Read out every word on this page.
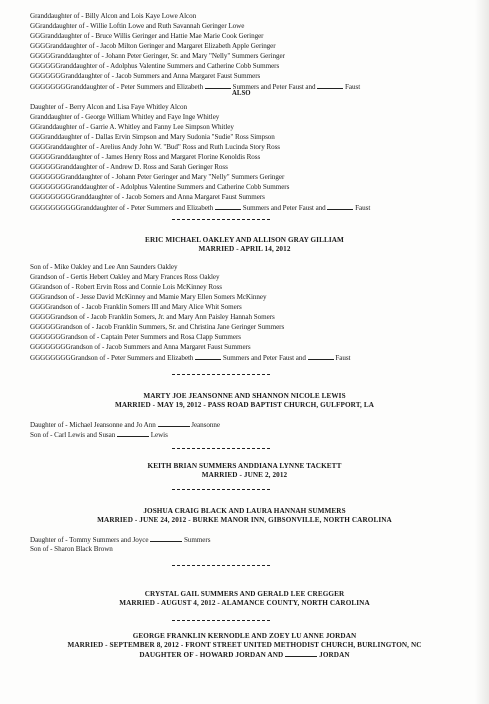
Granddaughter of - Billy Alcon and Lois Kaye Lowe Alcon
GGranddaughter of - Willie Loftin Lowe and Ruth Savannah Geringer Lowe
GGGranddaughter of - Bruce Willis Geringer and Hattie Mae Marie Cook Geringer
GGGGranddaughter of - Jacob Milton Geringer and Margaret Elizabeth Apple Geringer
GGGGGranddaughter of - Johann Peter Geringer, Sr. and Mary "Nelly" Summers Geringer
GGGGGGranddaughter of - Adolphus Valentine Summers and Catherine Cobb Summers
GGGGGGGranddaughter of - Jacob Summers and Anna Margaret Faust Summers
GGGGGGGGranddaughter of - Peter Summers and Elizabeth	Summers and Peter Faust and	Faust
ALSO
Daughter of - Berry Alcon and Lisa Faye Whitley Alcon
Granddaughter of - George William Whitley and Faye Inge Whitley
GGranddaughter of - Garrie A. Whitley and Fanny Lee Simpson Whitley
GGGranddaughter of - Dallas Ervin Simpson and Mary Sudonia "Sudie" Ross Simpson
GGGGranddaughter of - Arelius Andy John W. "Bud" Ross and Ruth Lucinda Story Ross
GGGGGranddaughter of - James Henry Ross and Margaret Florine Kenoldis Ross
GGGGGGranddaughter of - Andrew D. Ross and Sarah Geringer Ross
GGGGGGGranddaughter of - Johann Peter Geringer and Mary "Nelly" Summers Geringer
GGGGGGGGranddaughter of - Adolphus Valentine Summers and Catherine Cobb Summers
GGGGGGGGGranddaughter of - Jacob Somers and Anna Margaret Faust Summers
GGGGGGGGGGranddaughter of - Peter Summers and Elizabeth	Summers and Peter Faust and	Faust
ERIC MICHAEL OAKLEY AND ALLISON GRAY GILLIAM
MARRIED - APRIL 14, 2012
Son of - Mike Oakley and Lee Ann Saunders Oakley
Grandson of - Gertis Hebert Oakley and Mary Frances Ross Oakley
GGrandson of - Robert Ervin Ross and Connie Lois McKinney Ross
GGGrandson of - Jesse David McKinney and Mamie Mary Ellen Somers McKinney
GGGGrandson of - Jacob Franklin Somers III and Mary Alice Whit Somers
GGGGGrandson of - Jacob Franklin Somers, Jr. and Mary Ann Paisley Hannah Somers
GGGGGGrandson of - Jacob Franklin Summers, Sr. and Christina Jane Geringer Summers
GGGGGGGrandson of - Captain Peter Summers and Rosa Clapp Summers
GGGGGGGGrandson of - Jacob Summers and Anna Margaret Faust Summers
GGGGGGGGGrandson of - Peter Summers and Elizabeth	Summers and Peter Faust and	Faust
MARTY JOE JEANSONNE AND SHANNON NICOLE LEWIS
MARRIED - MAY 19, 2012 - PASS ROAD BAPTIST CHURCH, GULFPORT, LA
Daughter of - Michael Jeansonne and Jo Ann	Jeansonne
Son of - Carl Lewis and Susan	Lewis
KEITH BRIAN SUMMERS ANDDIANA LYNNE TACKETT
MARRIED - JUNE 2, 2012
JOSHUA CRAIG BLACK AND LAURA HANNAH SUMMERS
MARRIED - JUNE 24, 2012 - BURKE MANOR INN, GIBSONVILLE, NORTH CAROLINA
Daughter of - Tommy Summers and Joyce	Summers
Son of - Sharon Black Brown
CRYSTAL GAIL SUMMERS AND GERALD LEE CREGGER
MARRIED - AUGUST 4, 2012 - ALAMANCE COUNTY, NORTH CAROLINA
GEORGE FRANKLIN KERNODLE AND ZOEY LU ANNE JORDAN
MARRIED - SEPTEMBER 8, 2012 - FRONT STREET UNITED METHODIST CHURCH, BURLINGTON, NC
DAUGHTER OF - HOWARD JORDAN AND	JORDAN
